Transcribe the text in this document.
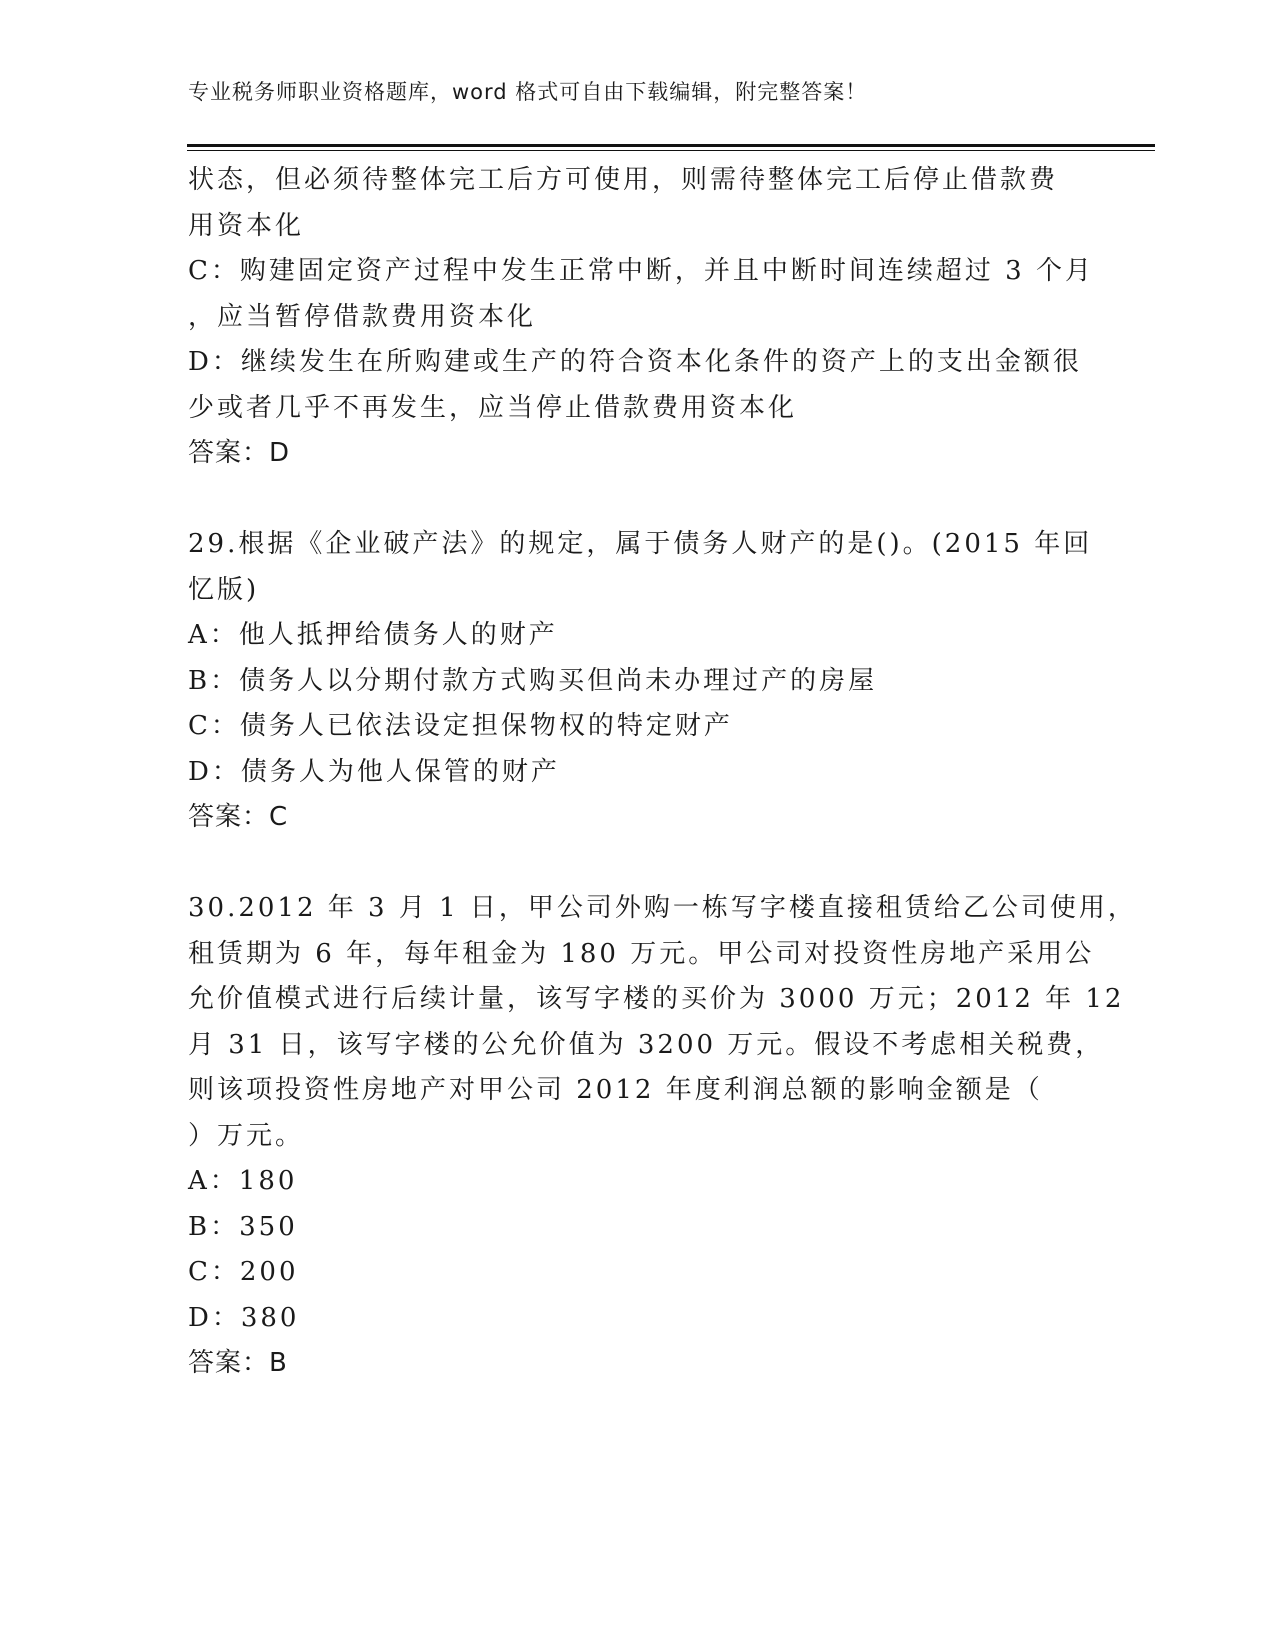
专业税务师职业资格题库，word 格式可自由下载编辑，附完整答案！
状态，但必须待整体完工后方可使用，则需待整体完工后停止借款费
用资本化
C：购建固定资产过程中发生正常中断，并且中断时间连续超过 3 个月
，应当暂停借款费用资本化
D：继续发生在所购建或生产的符合资本化条件的资产上的支出金额很
少或者几乎不再发生，应当停止借款费用资本化
答案：D
29.根据《企业破产法》的规定，属于债务人财产的是()。(2015 年回
忆版)
A：他人抵押给债务人的财产
B：债务人以分期付款方式购买但尚未办理过产的房屋
C：债务人已依法设定担保物权的特定财产
D：债务人为他人保管的财产
答案：C
30.2012 年 3 月 1 日，甲公司外购一栋写字楼直接租赁给乙公司使用，
租赁期为 6 年，每年租金为 180 万元。甲公司对投资性房地产采用公
允价值模式进行后续计量，该写字楼的买价为 3000 万元；2012 年 12
月 31 日，该写字楼的公允价值为 3200 万元。假设不考虑相关税费，
则该项投资性房地产对甲公司 2012 年度利润总额的影响金额是（
）万元。
A：180
B：350
C：200
D：380
答案：B
